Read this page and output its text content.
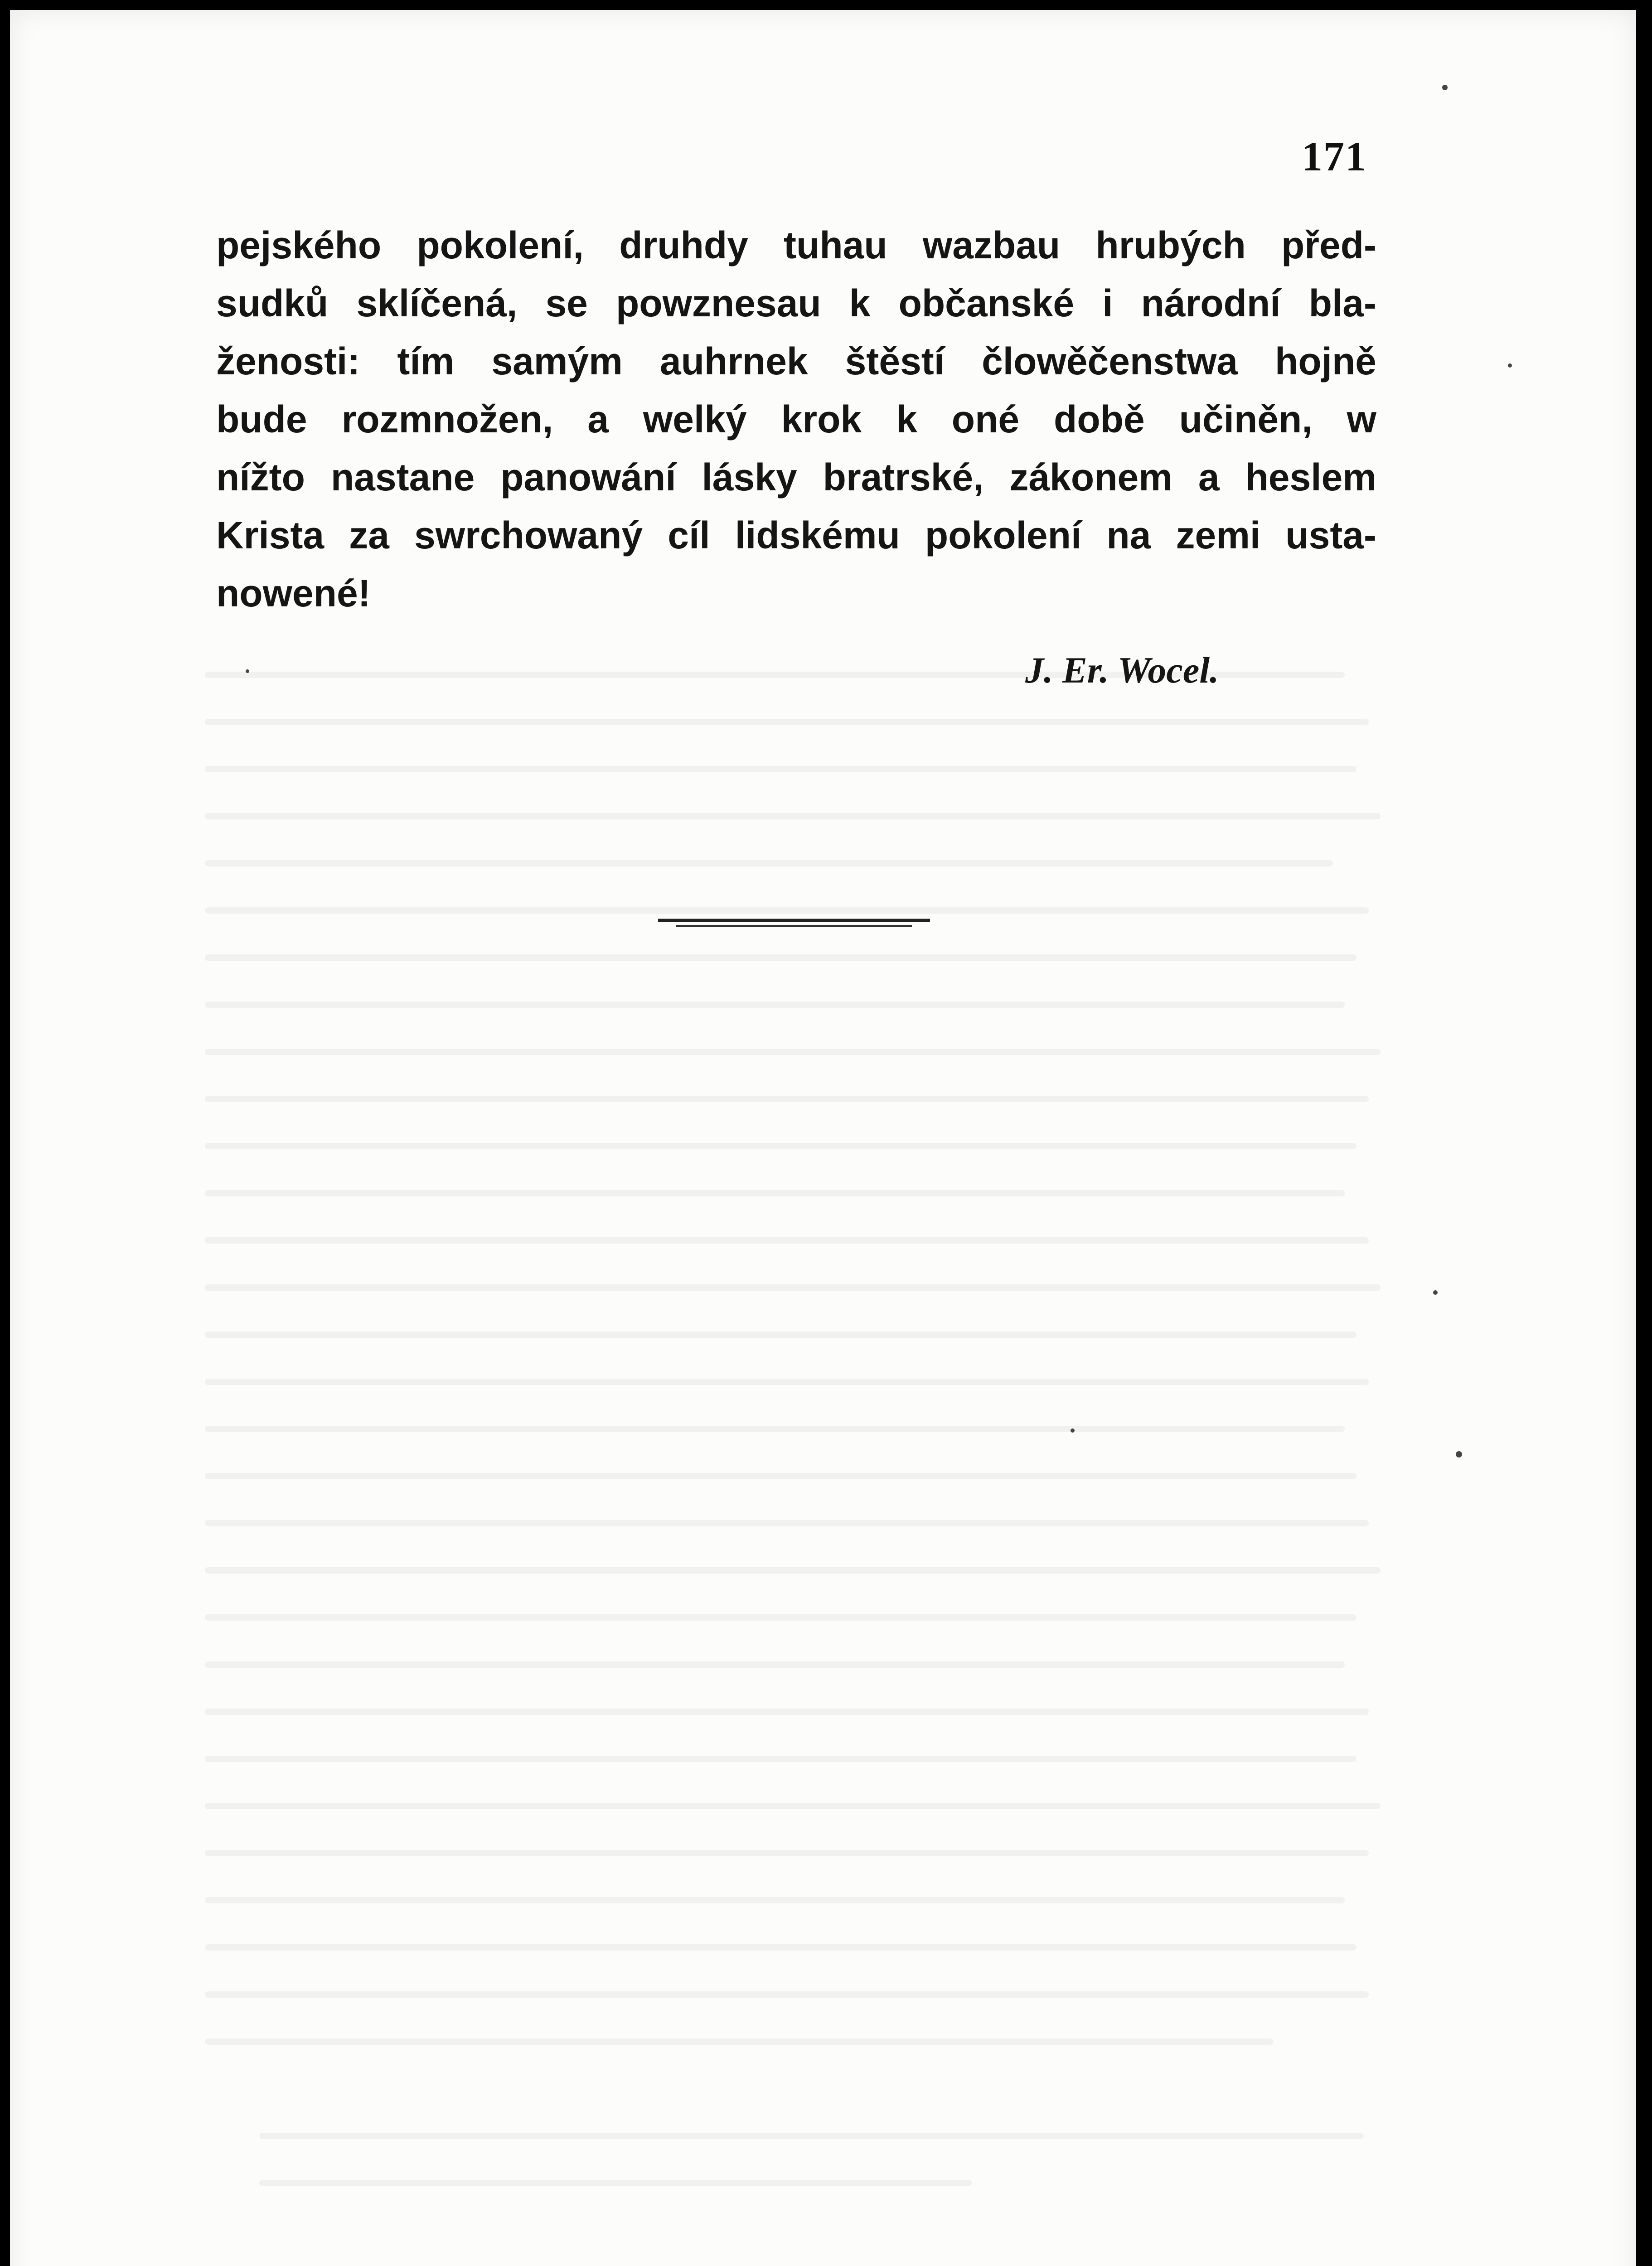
171
pejského pokolení, druhdy tuhau wazbau hrubých před-
sudků sklíčená, se powznesau k občanské i národní bla-
ženosti: tím samým auhrnek štěstí člowěčenstwa hojně
bude rozmnožen, a welký krok k oné době učiněn, w
nížto nastane panowání lásky bratrské, zákonem a heslem
Krista za swrchowaný cíl lidskému pokolení na zemi usta-
nowené!
J. Er. Wocel.
